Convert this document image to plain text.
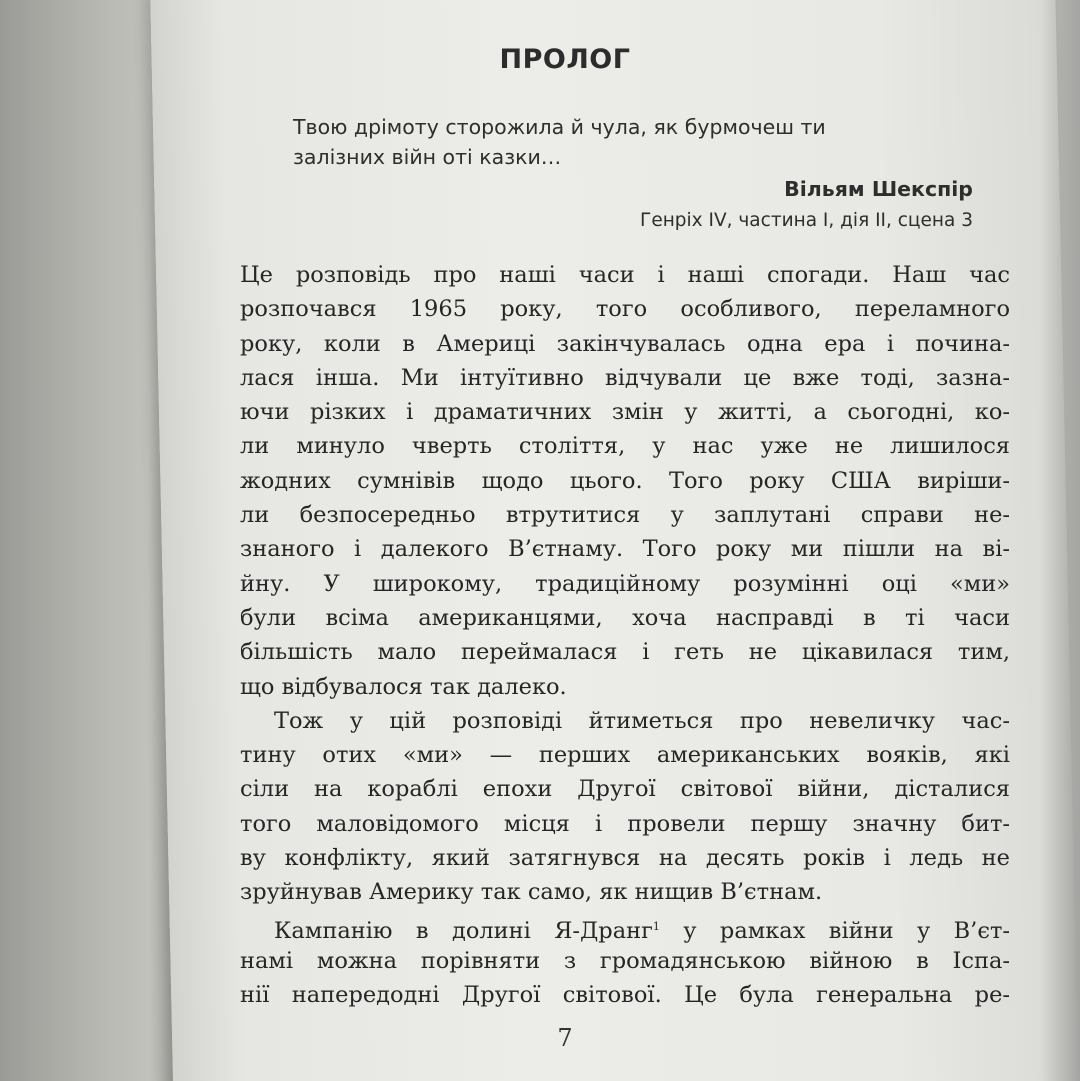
ПРОЛОГ
Твою дрімоту сторожила й чула, як бурмочеш ти
залізних війн оті казки…
Вільям Шекспір
Генріх IV, частина І, дія ІІ, сцена 3
Це розповідь про наші часи і наші спогади. Наш час
розпочався 1965 року, того особливого, переламного
року, коли в Америці закінчувалась одна ера і почина-
лася інша. Ми інтуїтивно відчували це вже тоді, зазна-
ючи різких і драматичних змін у житті, а сьогодні, ко-
ли минуло чверть століття, у нас уже не лишилося
жодних сумнівів щодо цього. Того року США виріши-
ли безпосередньо втрутитися у заплутані справи не-
знаного і далекого В’єтнаму. Того року ми пішли на ві-
йну. У широкому, традиційному розумінні оці «ми»
були всіма американцями, хоча насправді в ті часи
більшість мало переймалася і геть не цікавилася тим,
що відбувалося так далеко.
Тож у цій розповіді йтиметься про невеличку час-
тину отих «ми» — перших американських вояків, які
сіли на кораблі епохи Другої світової війни, дісталися
того маловідомого місця і провели першу значну бит-
ву конфлікту, який затягнувся на десять років і ледь не
зруйнував Америку так само, як нищив В’єтнам.
Кампанію в долині Я-Дранг$^1$ у рамках війни у В’єт-
намі можна порівняти з громадянською війною в Іспа-
нії напередодні Другої світової. Це була генеральна ре-
7
